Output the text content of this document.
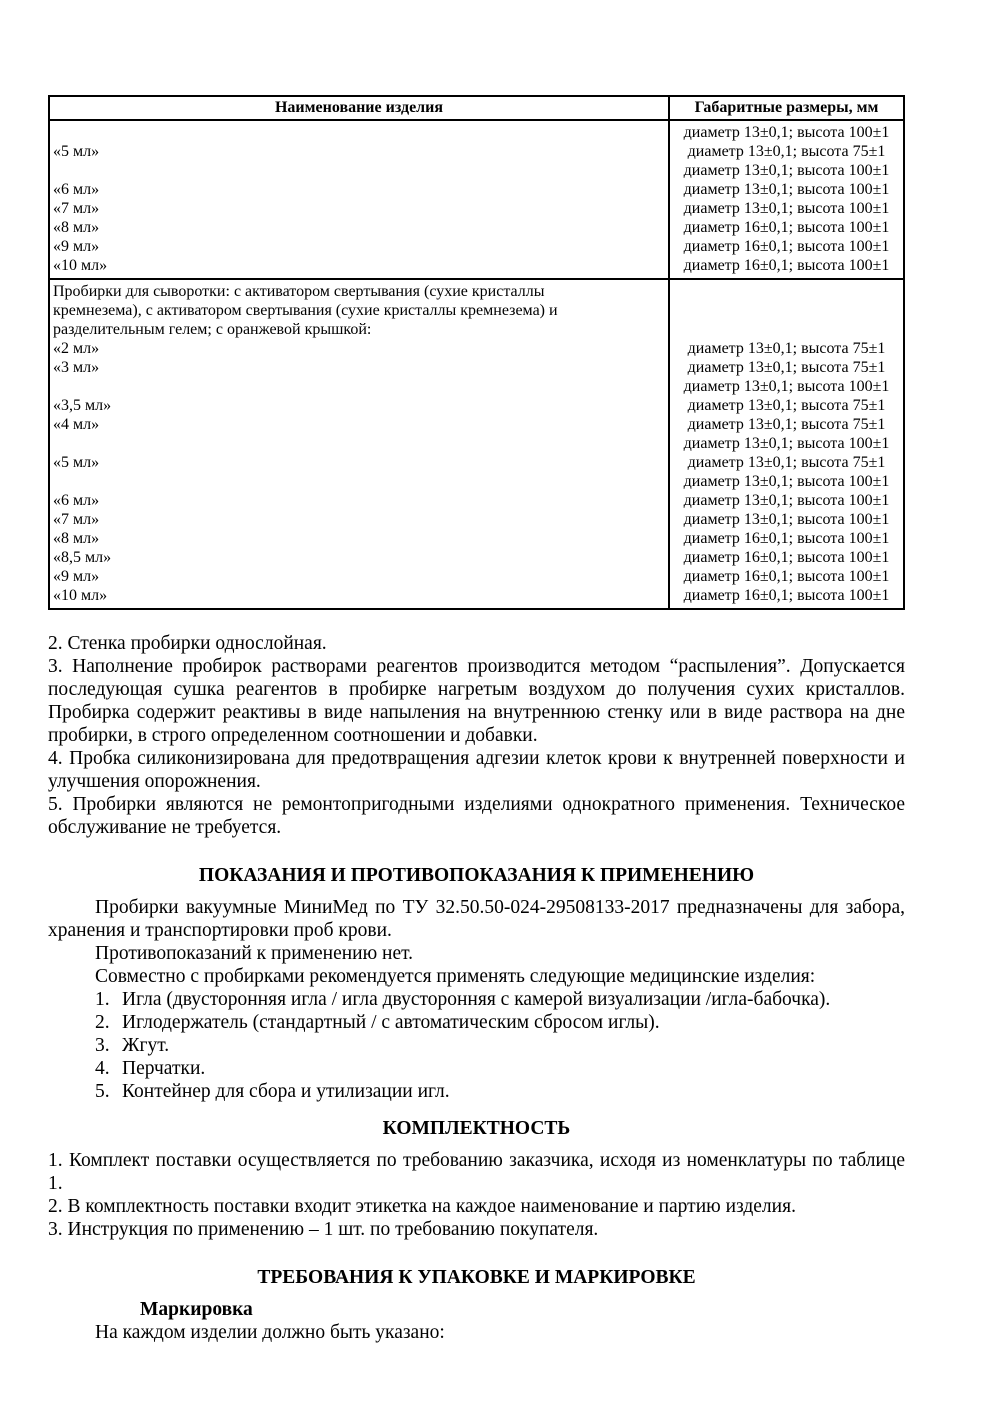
Наименование изделия	Габаритные размеры, мм
«5 мл»
«6 мл»
«7 мл»
«8 мл»
«9 мл»
«10 мл»
диаметр 13±0,1; высота 100±1
диаметр 13±0,1; высота 75±1
диаметр 13±0,1; высота 100±1
диаметр 13±0,1; высота 100±1
диаметр 13±0,1; высота 100±1
диаметр 16±0,1; высота 100±1
диаметр 16±0,1; высота 100±1
диаметр 16±0,1; высота 100±1
Пробирки для сыворотки: с активатором свертывания (сухие кристаллы
кремнезема), с активатором свертывания (сухие кристаллы кремнезема) и
разделительным гелем; с оранжевой крышкой:
«2 мл»
«3 мл»
«3,5 мл»
«4 мл»
«5 мл»
«6 мл»
«7 мл»
«8 мл»
«8,5 мл»
«9 мл»
«10 мл»
диаметр 13±0,1; высота 75±1
диаметр 13±0,1; высота 75±1
диаметр 13±0,1; высота 100±1
диаметр 13±0,1; высота 75±1
диаметр 13±0,1; высота 75±1
диаметр 13±0,1; высота 100±1
диаметр 13±0,1; высота 75±1
диаметр 13±0,1; высота 100±1
диаметр 13±0,1; высота 100±1
диаметр 13±0,1; высота 100±1
диаметр 16±0,1; высота 100±1
диаметр 16±0,1; высота 100±1
диаметр 16±0,1; высота 100±1
диаметр 16±0,1; высота 100±1

2. Стенка пробирки однослойная.

3. Наполнение пробирок растворами реагентов производится методом “распыления”. Допускается последующая сушка реагентов в пробирке нагретым воздухом до получения сухих кристаллов. Пробирка содержит реактивы в виде напыления на внутреннюю стенку или в виде раствора на дне пробирки, в строго определенном соотношении и добавки.

4. Пробка силиконизирована для предотвращения адгезии клеток крови к внутренней поверхности и улучшения опорожнения.

5. Пробирки являются не ремонтопригодными изделиями однократного применения. Техническое обслуживание не требуется.

ПОКАЗАНИЯ И ПРОТИВОПОКАЗАНИЯ К ПРИМЕНЕНИЮ

Пробирки вакуумные МиниМед по ТУ 32.50.50-024-29508133-2017 предназначены для забора, хранения и транспортировки проб крови.

Противопоказаний к применению нет.

Совместно с пробирками рекомендуется применять следующие медицинские изделия:

1. Игла (двусторонняя игла / игла двусторонняя с камерой визуализации /игла-бабочка).
2. Иглодержатель (стандартный / с автоматическим сбросом иглы).
3. Жгут.
4. Перчатки.
5. Контейнер для сбора и утилизации игл.
КОМПЛЕКТНОСТЬ

1. Комплект поставки осуществляется по требованию заказчика, исходя из номенклатуры по таблице 1.

2. В комплектность поставки входит этикетка на каждое наименование и партию изделия.

3. Инструкция по применению – 1 шт. по требованию покупателя.

ТРЕБОВАНИЯ К УПАКОВКЕ И МАРКИРОВКЕ

Маркировка

На каждом изделии должно быть указано:
